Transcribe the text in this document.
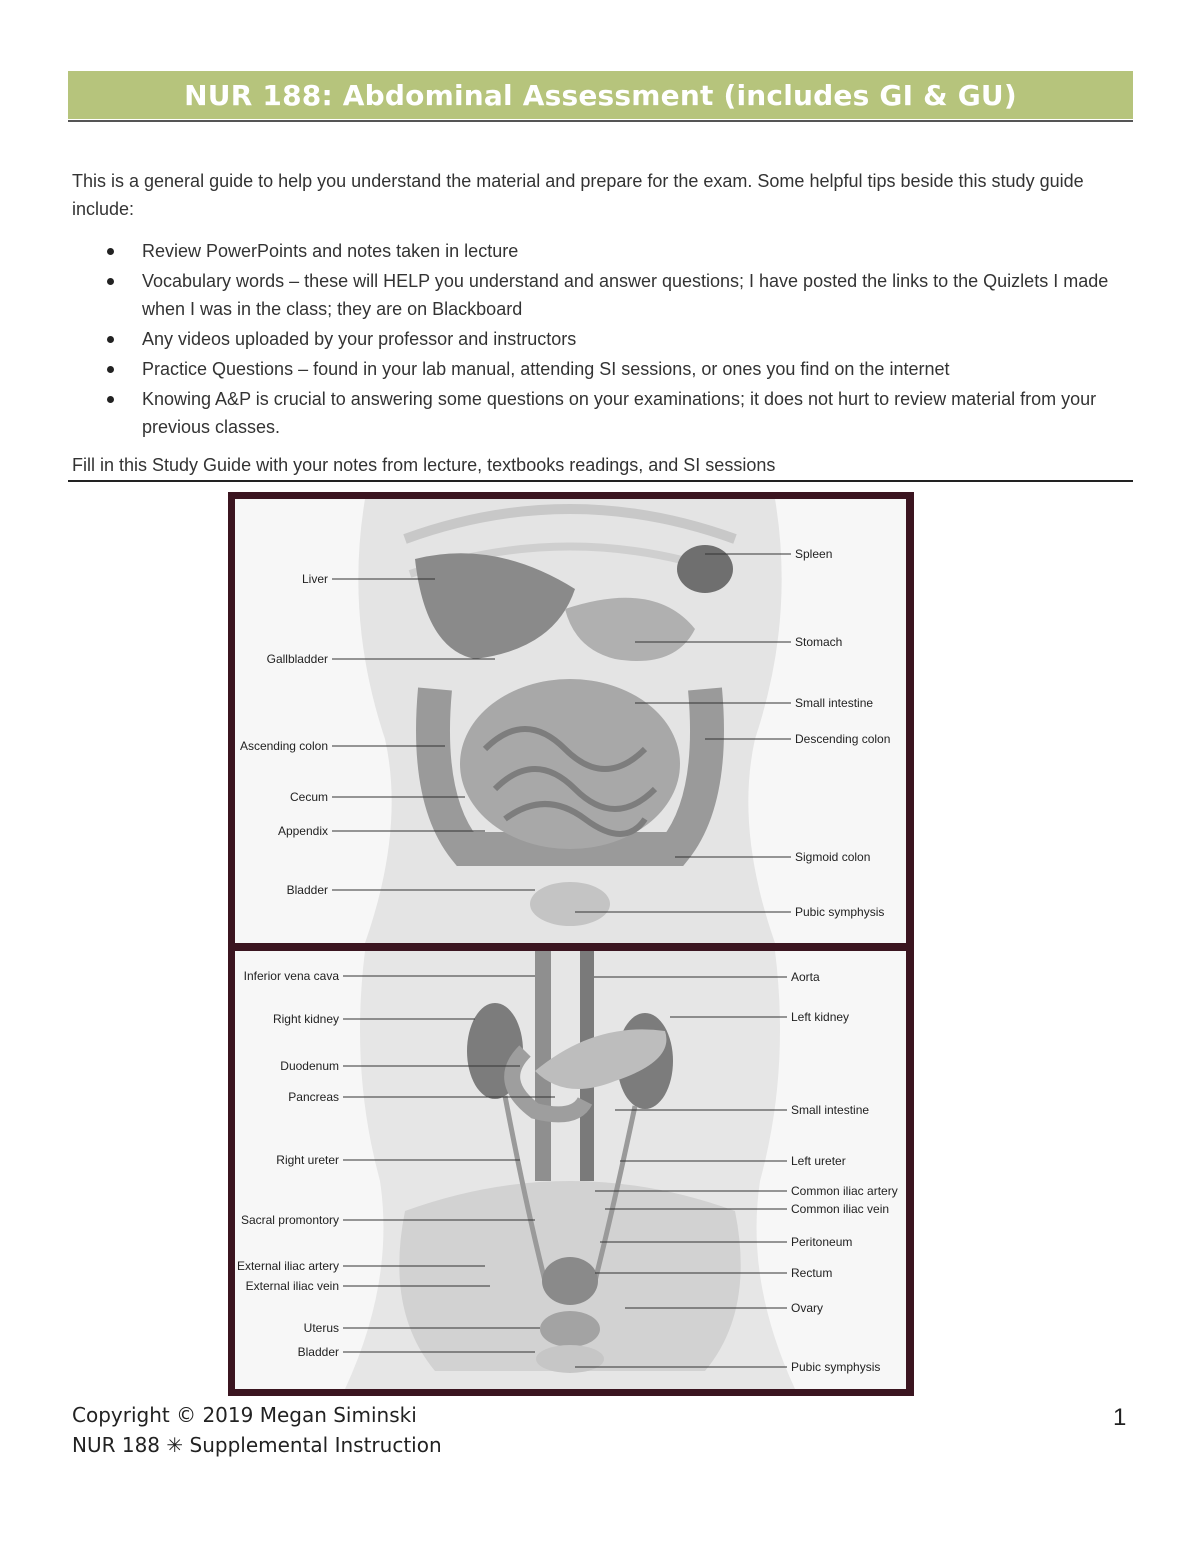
NUR 188: Abdominal Assessment (includes GI & GU)
This is a general guide to help you understand the material and prepare for the exam. Some helpful tips beside this study guide include:
Review PowerPoints and notes taken in lecture
Vocabulary words – these will HELP you understand and answer questions; I have posted the links to the Quizlets I made when I was in the class; they are on Blackboard
Any videos uploaded by your professor and instructors
Practice Questions – found in your lab manual, attending SI sessions, or ones you find on the internet
Knowing A&P is crucial to answering some questions on your examinations; it does not hurt to review material from your previous classes.
Fill in this Study Guide with your notes from lecture, textbooks readings, and SI sessions
Liver
Gallbladder
Ascending colon
Cecum
Appendix
Bladder
Spleen
Stomach
Small intestine
Descending colon
Sigmoid colon
Pubic symphysis
Inferior vena cava
Right kidney
Duodenum
Pancreas
Right ureter
Sacral promontory
External iliac artery
External iliac vein
Uterus
Bladder
Aorta
Left kidney
Small intestine
Left ureter
Common iliac artery
Common iliac vein
Peritoneum
Rectum
Ovary
Pubic symphysis
Copyright © 2019 Megan Siminski
NUR 188 ✳ Supplemental Instruction
1
